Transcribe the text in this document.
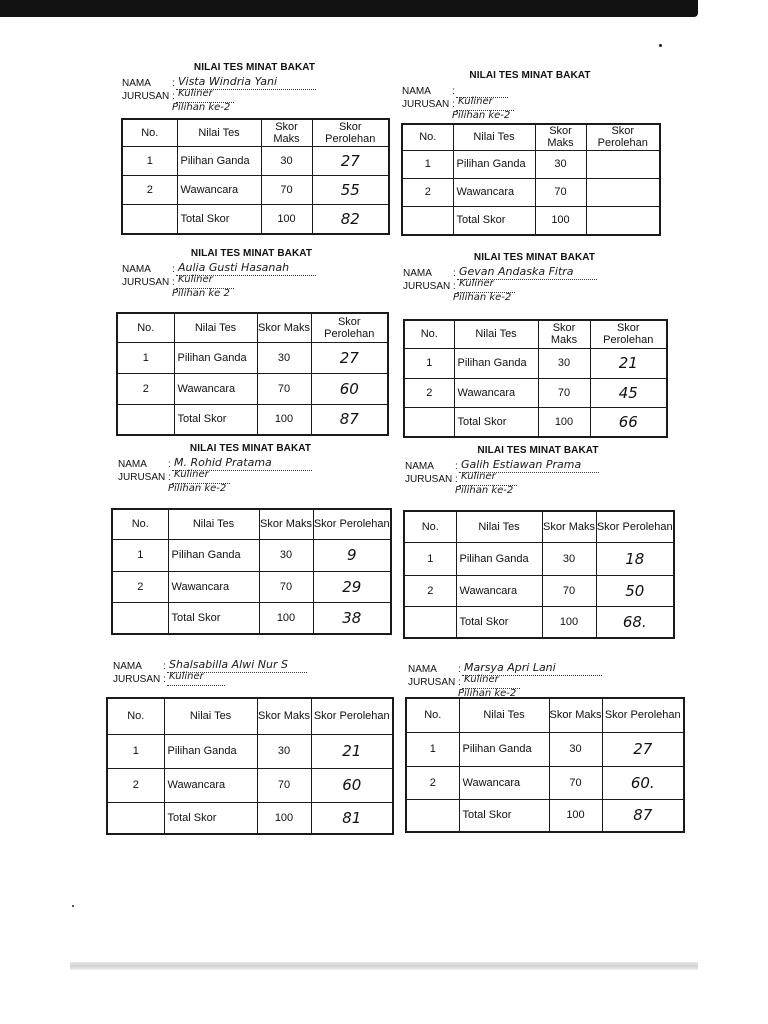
NILAI TES MINAT BAKAT
NAMA : Vista Windria Yani
JURUSAN : Kuliner
Pilihan ke-2
No.	Nilai Tes	Skor Maks	Skor Perolehan
1	Pilihan Ganda	30	27
2	Wawancara	70	55
	Total Skor	100	82
NILAI TES MINAT BAKAT
NAMA :
JURUSAN : Kuliner
Pilihan ke-2
No.	Nilai Tes	Skor Maks	Skor Perolehan
1	Pilihan Ganda	30	
2	Wawancara	70	
	Total Skor	100	
NILAI TES MINAT BAKAT
NAMA : Aulia Gusti Hasanah
JURUSAN : Kuliner
Pilihan ke 2
No.	Nilai Tes	Skor Maks	Skor Perolehan
1	Pilihan Ganda	30	27
2	Wawancara	70	60
	Total Skor	100	87
NILAI TES MINAT BAKAT
NAMA : Gevan Andaska Fitra
JURUSAN : Kuliner
Pilihan ke-2
No.	Nilai Tes	Skor Maks	Skor Perolehan
1	Pilihan Ganda	30	21
2	Wawancara	70	45
	Total Skor	100	66
NILAI TES MINAT BAKAT
NAMA : M. Rohid Pratama
JURUSAN : Kuliner
Pilihan ke-2
No.	Nilai Tes	Skor Maks	Skor Perolehan
1	Pilihan Ganda	30	9
2	Wawancara	70	29
	Total Skor	100	38
NILAI TES MINAT BAKAT
NAMA : Galih Estiawan Prama
JURUSAN : Kuliner
Pilihan ke-2
No.	Nilai Tes	Skor Maks	Skor Perolehan
1	Pilihan Ganda	30	18
2	Wawancara	70	50
	Total Skor	100	68.
NAMA : Shalsabilla Alwi Nur S
JURUSAN : Kuliner
No.	Nilai Tes	Skor Maks	Skor Perolehan
1	Pilihan Ganda	30	21
2	Wawancara	70	60
	Total Skor	100	81
NAMA : Marsya Apri Lani
JURUSAN : Kuliner
Pilihan ke-2
No.	Nilai Tes	Skor Maks	Skor Perolehan
1	Pilihan Ganda	30	27
2	Wawancara	70	60.
	Total Skor	100	87
